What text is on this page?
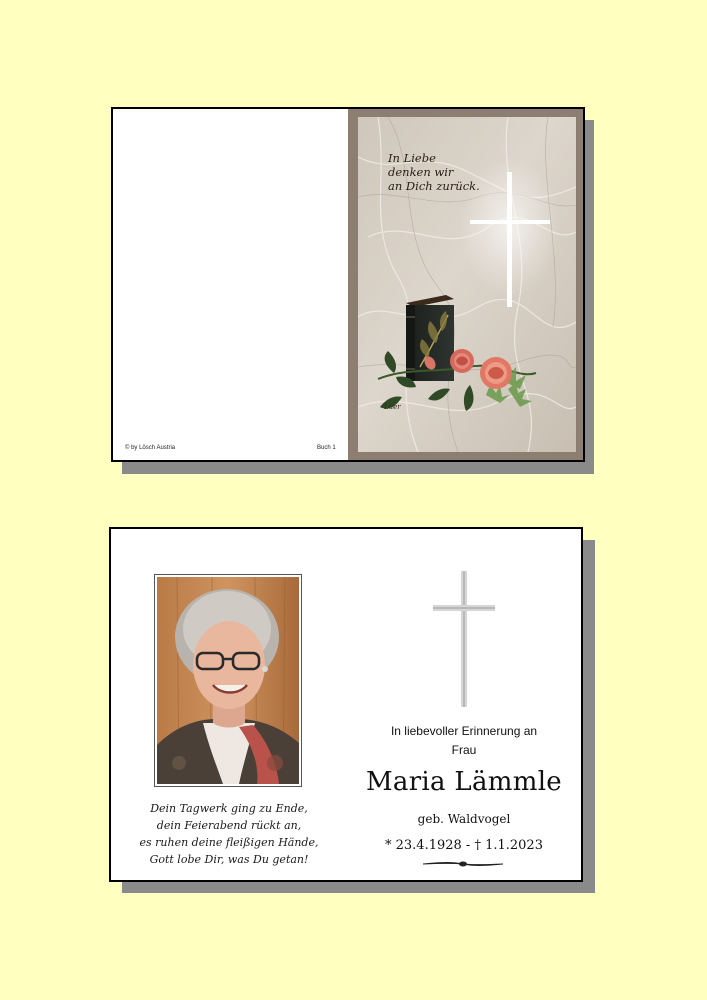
© by Lösch Austria	Buch 1
Lüer
In Liebe
denken wir
an Dich zurück.
Dein Tagwerk ging zu Ende,
dein Feierabend rückt an,
es ruhen deine fleißigen Hände,
Gott lobe Dir, was Du getan!
In liebevoller Erinnerung an
Frau
Maria Lämmle
geb. Waldvogel
* 23.4.1928 - † 1.1.2023
